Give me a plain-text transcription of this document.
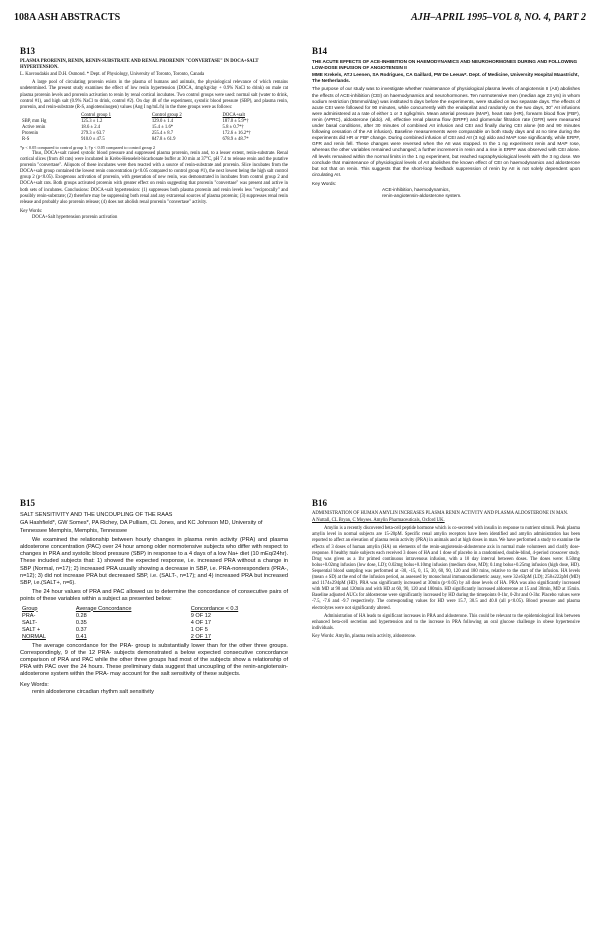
108A ASH ABSTRACTS	AJH–APRIL 1995–VOL 8, NO. 4, PART 2
B13
PLASMA PRORENIN, RENIN, RENIN-SUBSTRATE AND RENAL PRORENIN "CONVERTASE" IN DOCA+SALT HYPERTENSION.
L. Kavroudakis and D.H. Osmond. * Dept. of Physiology, University of Toronto, Toronto, Canada

A large pool of circulating prorenin exists in the plasma of humans and animals, the physiological relevance of which remains undetermined. The present study examines the effect of low renin hypertension (DOCA, 4mg/kg/day + 0.9% NaCl to drink) on male rat plasma prorenin levels and prorenin activation to renin by renal cortical incubates. Two control groups were used: normal salt (water to drink, control #1), and high salt (0.9% NaCl to drink, control #2). On day 48 of the experiment, systolic blood pressure (SBP), and plasma renin, prorenin, and renin-substrate (R-S, angiotensinogen) values (Ang I ng/mL/h) in the three groups were as follows:

	Control group 1	Control group 2	DOCA+salt
SBP, mm Hg	125.3 ± 1.2	129.0 ± 1.4	187.0 ± 5.9*†
Active renin	18.6 ± 2.4	15.4 ± 1.6*	5.8 ± 0.7*†
Prorenin	279.3 ± 63.7	255.4 ± 8.7	172.6 ± 16.2*†
R-S	910.0 ± 47.5	847.8 ± 61.9	678.9 ± 48.7*
*p < 0.05 compared to control group 1; †p < 0.05 compared to control group 2

Thus, DOCA+salt raised systolic blood pressure and suppressed plasma prorenin, renin and, to a lesser extent, renin-substrate. Renal cortical slices (from 48 rats) were incubated in Krebs-Henseleit-bicarbonate buffer at 30 min at 37°C, pH 7.4 to release renin and the putative prorenin "convertase". Aliquots of these incubates were then reacted with a source of renin-substrate and prorenin. Slice incubates from the DOCA+salt group contained the lowest renin concentration (p<0.05 compared to control group #1), the next lowest being the high salt control group 2 (p<0.05). Exogenous activation of prorenin, with generation of new renin, was demonstrated in incubates from control group 2 and DOCA+salt rats. Both groups activated prorenin with greater effect on renin suggesting that prorenin "convertase" was present and active in both sets of incubates. Conclusions: DOCA+salt hypertension: (1) suppresses both plasma prorenin and renin levels less "reciprocally" and possibly renin-substrate; (2) therefore may be suppressing both renal and any extrarenal sources of plasma prorenin; (3) suppresses renal renin release and probably also prorenin release; (4) does not abolish renal prorenin "convertase" activity.

Key Words:
DOCA+Salt hypertension prorenin activation
B14
THE ACUTE EFFECTS OF ACE-INHIBITION ON HAEMODYNAMICS AND NEUROHORMONES DURING AND FOLLOWING LOW-DOSE INFUSION OF ANGIOTENSIN II
MME Krekels, ATJ Leenen, SA Rodrigues, CA Gaillard, PW De Leeuw*. Dept. of Medicine, University Hospital Maastricht, The Netherlands.

The purpose of our study was to investigate whether maintenance of physiological plasma levels of angiotensin II (AII) abolishes the effects of ACE-inhibition (CEI) on haemodynamics and neurohormones. Ten normotensive men (median age 23 yrs) in whom sodium restriction (55mmol/day) was instituted 5 days before the experiments, were studied on two separate days. The effects of acute CEI were followed for 90 minutes, while concurrently with the enalaprilat and randomly on the two days, 30° AII infusions were administered at a rate of either 1 or 3 ng/kg/min. Mean arterial pressure (MAP), heart rate (HR), forearm blood flow (FBF), renin (APRC), aldosterone (aldo). All, effective renal plasma flow (ERPF) and glomerular filtration rate (GFR) were measured under basal conditions, after 30 minutes of combined AII infusion and CEI and finally during CEI alone (60 and 90 minutes following cessation of the AII infusion). Baseline measurements were comparable on both study days and at no time during the experiments did HR or FBF change. During combined infusion of CEI and AII (3 ng) aldo and MAP rose significantly, while ERPF, GFR and renin fell. These changes were reversed when the AII was stopped. In the 1 ng experiment renin and MAP rose, whereas the other variables remained unchanged; a further increment in renin and a rise in ERPF was observed with CEI alone. All levels remained within the normal limits in the 1 ng experiment, but reached supraphysiological levels with the 3 ng dose. We conclude that maintenance of physiological levels of AII abolishes the known effect of CEI on haemodynamics and aldosterone but not that on renin. This suggests that the short-loop feedback suppression of renin by AII is not solely dependent upon circulating AII.

Key Words:
ACE-inhibition, haemodynamics,
renin-angiotensin-aldosterone system.
B15
SALT SENSITIVITY AND THE UNCOUPLING OF THE RAAS
GA Hashfield*, GW Somes*, PA Richey, DA Pulliam, CL Jones, and KC Johnson MD, University of Tennessee Memphis, Memphis, Tennessee

We examined the relationship between hourly changes in plasma renin activity (PRA) and plasma aldosterone concentration (PAC) over 24 hour among older normotensive subjects who differ with respect to changes in PRA and systolic blood pressure (SBP) in response to a 4 days of a low Na+ diet (10 mEq/24hr). These included subjects that: 1) showed the expected response, i.e. increased PRA without a change in SBP (Normal, n=17); 2) increased PRA usually showing a decrease in SBP, i.e. PRA-nonresponders (PRA-, n=12); 3) did not increase PRA but decreased SBP, i.e. (SALT-, n=17); and 4) increased PRA but increased SBP, i.e.(SALT+, n=6).

The 24 hour values of PRA and PAC allowed us to determine the concordance of consecutive pairs of points of these variables within a subject as presented below:

Group	Average Concordance	Concordance < 0.3
PRA-	0.28	9 OF 12
SALT-	0.35	4 OF 17
SALT +	0.37	1 OF 5
NORMAL	0.41	2 OF 17

The average concordance for the PRA- group is substantially lower than for the other three groups. Correspondingly, 9 of the 12 PRA- subjects demonstrated a below expected consecutive concordance comparison of PRA and PAC while the other three groups had most of the subjects show a relationship of PRA with PAC over the 24 hours. These preliminary data suggest that uncoupling of the renin-angiotensin-aldosterone system within the PRA- may account for the salt sensitivity of these subjects.

Key Words:
renin aldosterone circadian rhythm salt sensitivity
B16
ADMINISTRATION OF HUMAN AMYLIN INCREASES PLASMA RENIN ACTIVITY AND PLASMA ALDOSTERONE IN MAN.
A Nuttall, CL Bryan, C Moyses. Amylin Pharmaceuticals, Oxford UK.

Amylin is a recently discovered beta-cell peptide hormone which is co-secreted with insulin in response to nutrient stimuli. Peak plasma amylin level in normal subjects are 15-20pM. Specific renal amylin receptors have been identified and amylin administration has been reported to affect an elevation of plasma renin activity (PRA) in animals and at high doses in man. We have performed a study to examine the effects of 3 doses of human amylin (HA) on elements of the renin-angiotensin-aldosterone axis in normal male volunteers and clarify dose-response. 8 healthy male subjects each received 3 doses of HA and 1 dose of placebo in a randomised, double-blind, 4-period crossover study. Drug was given as a 1hr primed continuous intravenous infusion, with a 10 day interval between doses. The doses were: 0.50mg bolus+0.02mg infusion (low dose, LD); 0.02mg bolus+0.10mg infusion (medium dose, MD); 0.1mg bolus+0.25mg infusion (high dose, HD). Sequential blood sampling was performed at -30, -15, 0, 15, 30, 60, 90, 120 and 180 mins, relative to the start of the infusion. HA levels (mean ± SD) at the end of the infusion period, as assessed by monoclonal immunoradiometric assay, were 32±63pM (LD); 258±222pM (MD) and 1174±294pM (HD). PRA was significantly increased at 30min (p<0.05) by all dose levels of HA. PRA was also significantly increased with MD at 90 and 120min and with HD at 60, 90, 120 and 180min. HD significantly increased aldosterone at 15 and 30min, MD at 15min. Baseline adjusted AUCs for aldosterone were significantly increased by HD during the timepoints 0-1hr, 0-2hr and 0-3hr. Placebo values were -7.5, -7.6 and -9.7 respectively. The corresponding values for HD were 15.7, 30.5 and 40.8 (all p<0.05). Blood pressure and plasma electrolytes were not significantly altered.

Administration of HA leads to significant increases in PRA and aldosterone. This could be relevant to the epidemiological link between enhanced beta-cell secretion and hypertension and to the increase in PRA following an oral glucose challenge in obese hypertensive individuals.

Key Words: Amylin, plasma renin activity, aldosterone.
